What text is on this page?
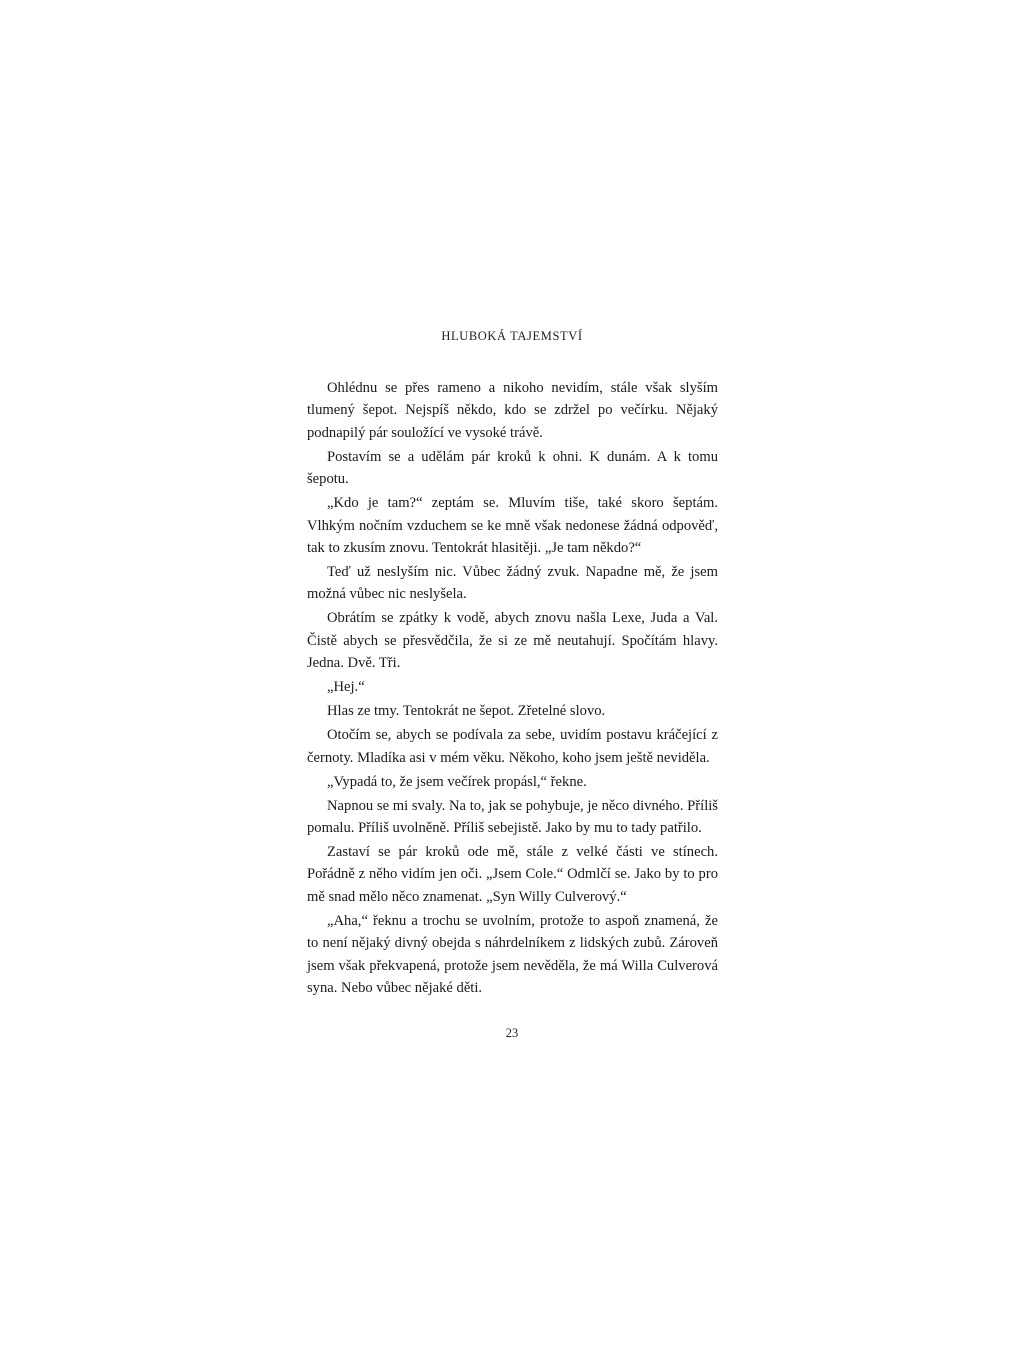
HLUBOKÁ TAJEMSTVÍ

Ohlédnu se přes rameno a nikoho nevidím, stále však slyším tlumený šepot. Nejspíš někdo, kdo se zdržel po večírku. Nějaký podnapilý pár souložící ve vysoké trávě.

Postavím se a udělám pár kroků k ohni. K dunám. A k tomu šepotu.

„Kdo je tam?“ zeptám se. Mluvím tiše, také skoro šeptám. Vlhkým nočním vzduchem se ke mně však nedonese žádná odpověď, tak to zkusím znovu. Tentokrát hlasitěji. „Je tam někdo?“

Teď už neslyším nic. Vůbec žádný zvuk. Napadne mě, že jsem možná vůbec nic neslyšela.

Obrátím se zpátky k vodě, abych znovu našla Lexe, Juda a Val. Čistě abych se přesvědčila, že si ze mě neutahují. Spočítám hlavy. Jedna. Dvě. Tři.

„Hej.“

Hlas ze tmy. Tentokrát ne šepot. Zřetelné slovo.

Otočím se, abych se podívala za sebe, uvidím postavu kráčející z černoty. Mladíka asi v mém věku. Někoho, koho jsem ještě neviděla.

„Vypadá to, že jsem večírek propásl,“ řekne.

Napnou se mi svaly. Na to, jak se pohybuje, je něco divného. Příliš pomalu. Příliš uvolněně. Příliš sebejistě. Jako by mu to tady patřilo.

Zastaví se pár kroků ode mě, stále z velké části ve stínech. Pořádně z něho vidím jen oči. „Jsem Cole.“ Odmlčí se. Jako by to pro mě snad mělo něco znamenat. „Syn Willy Culverový.“

„Aha,“ řeknu a trochu se uvolním, protože to aspoň znamená, že to není nějaký divný obejda s náhrdelníkem z lidských zubů. Zároveň jsem však překvapená, protože jsem nevěděla, že má Willa Culverová syna. Nebo vůbec nějaké děti.

23
